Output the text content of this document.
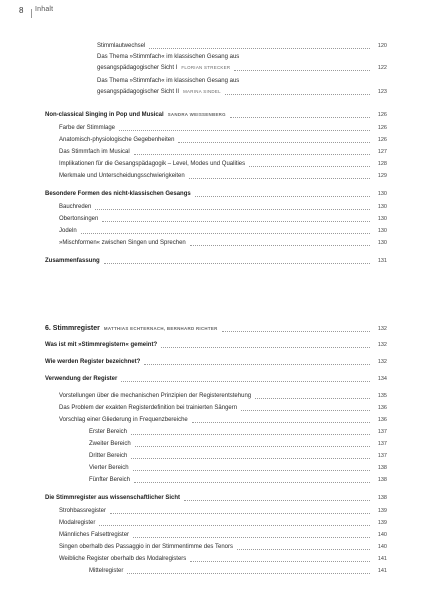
8 Inhalt
Stimmlautwechsel	120
Das Thema »Stimmfach« im klassischen Gesang aus
gesangspädagogischer Sicht I FLORIAN STRECKER	122
Das Thema »Stimmfach« im klassischen Gesang aus
gesangspädagogischer Sicht II MARINA SINDEL	123
Non-classical Singing in Pop und Musical SANDRA WEISSENBERG	126
Farbe der Stimmlage	126
Anatomisch-physiologische Gegebenheiten	126
Das Stimmfach im Musical	127
Implikationen für die Gesangspädagogik – Level, Modes und Qualities	128
Merkmale und Unterscheidungsschwierigkeiten	129
Besondere Formen des nicht-klassischen Gesangs	130
Bauchreden	130
Obertonsingen	130
Jodeln	130
»Mischformen« zwischen Singen und Sprechen	130
Zusammenfassung	131
6. Stimmregister MATTHIAS ECHTERNACH, BERNHARD RICHTER	132
Was ist mit »Stimmregistern« gemeint?	132
Wie werden Register bezeichnet?	132
Verwendung der Register	134
Vorstellungen über die mechanischen Prinzipien der Registerentstehung	135
Das Problem der exakten Registerdefinition bei trainierten Sängern	136
Vorschlag einer Gliederung in Frequenzbereiche	136
Erster Bereich	137
Zweiter Bereich	137
Dritter Bereich	137
Vierter Bereich	138
Fünfter Bereich	138
Die Stimmregister aus wissenschaftlicher Sicht	138
Strohbassregister	139
Modalregister	139
Männliches Falsettregister	140
Singen oberhalb des Passaggio in der Stimmentimme des Tenors	140
Weibliche Register oberhalb des Modalregisters	141
Mittelregister	141
